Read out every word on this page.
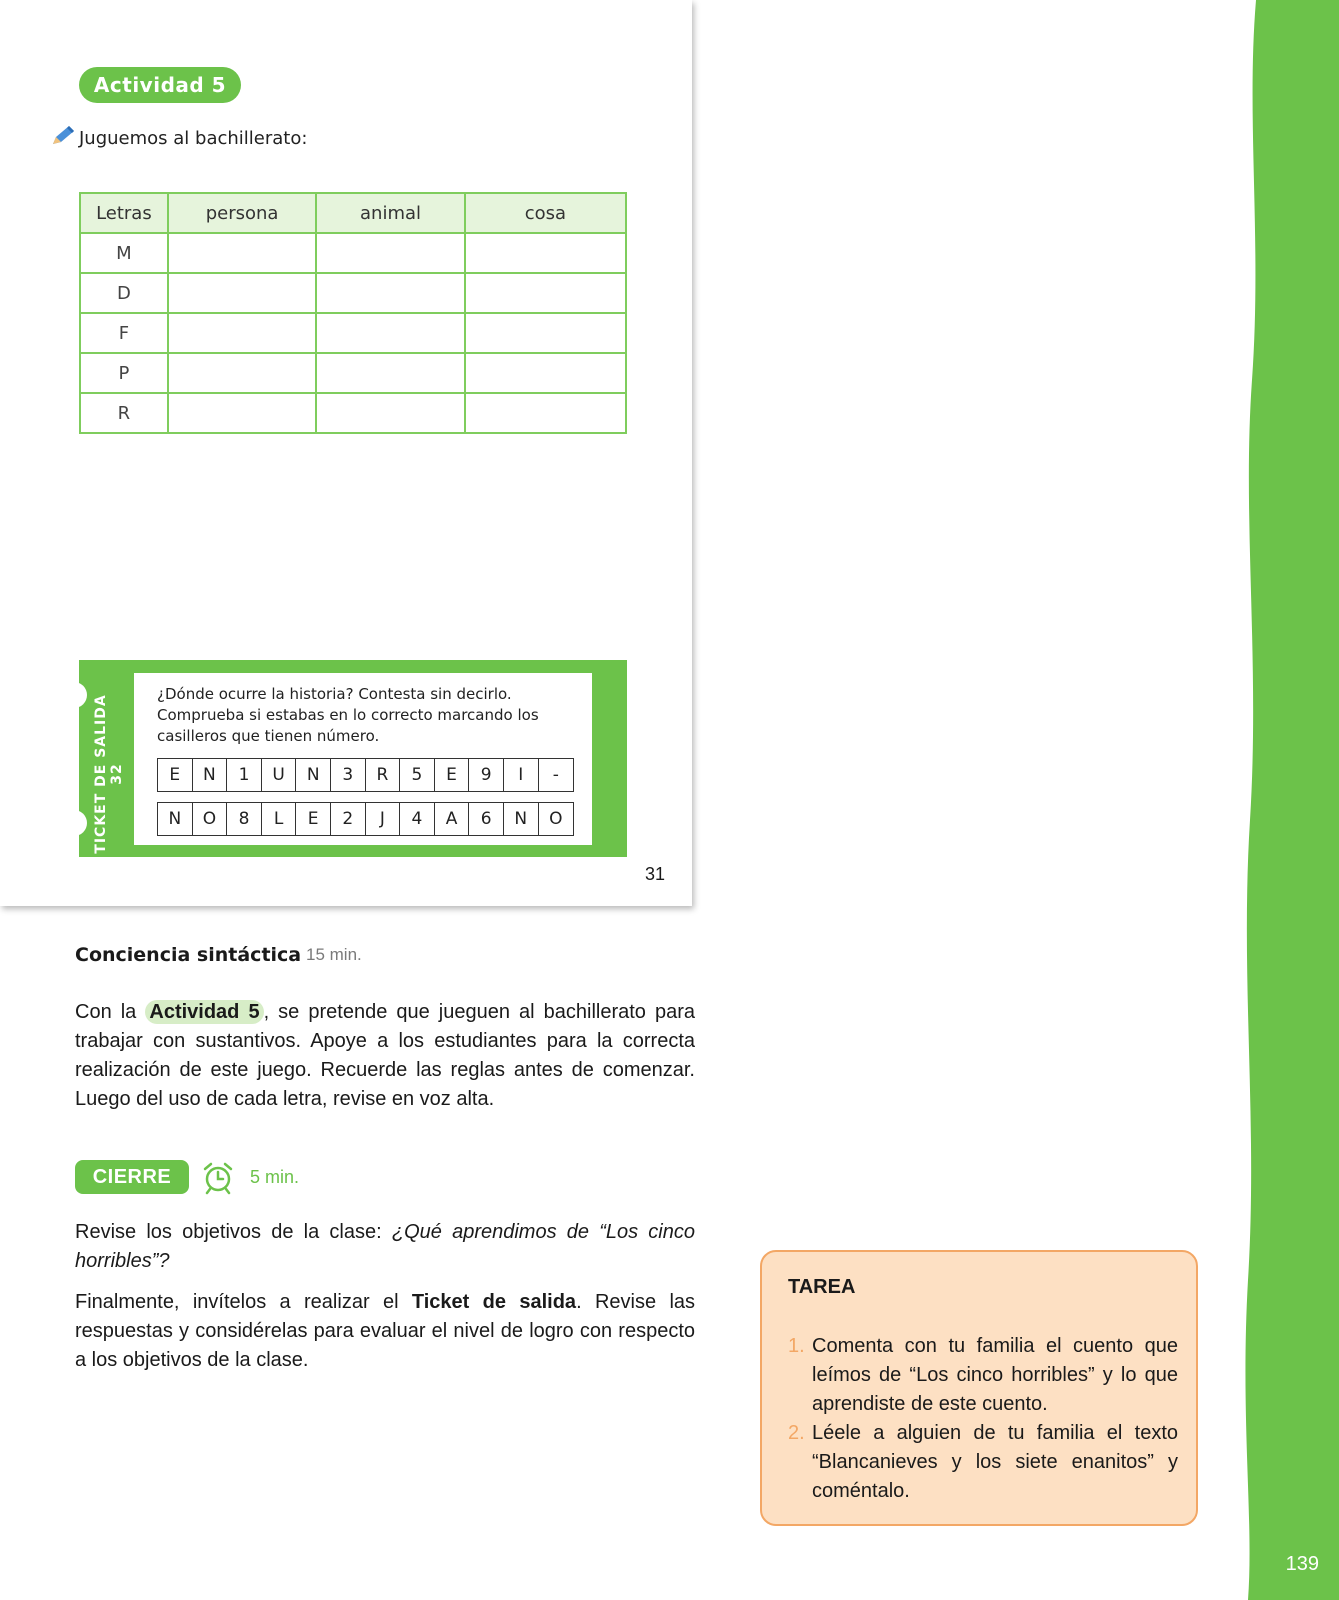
139
Actividad 5
Juguemos al bachillerato:
Letras	persona	animal	cosa
M			
D			
F			
P			
R			
TICKET DE SALIDA 32	LECTURA OA 3
¿Dónde ocurre la historia? Contesta sin decirlo. Comprueba si estabas en lo correcto marcando los casilleros que tienen número.
E	N	1	U	N	3	R	5	E	9	I	-
N	O	8	L	E	2	J	4	A	6	N	O
31
Conciencia sintáctica 15 min.

Con la Actividad 5 , se pretende que jueguen al bachillerato para trabajar con sustantivos. Apoye a los estudiantes para la correcta realización de este juego. Recuerde las reglas antes de comenzar. Luego del uso de cada letra, revise en voz alta.

CIERRE	5 min.

Revise los objetivos de la clase: ¿Qué aprendimos de “Los cinco horribles”?

Finalmente, invítelos a realizar el Ticket de salida. Revise las respuestas y considérelas para evaluar el nivel de logro con respecto a los objetivos de la clase.

TAREA
1. Comenta con tu familia el cuento que leímos de “Los cinco horribles” y lo que aprendiste de este cuento.
2. Léele a alguien de tu familia el texto “Blancanieves y los siete enanitos” y coméntalo.
